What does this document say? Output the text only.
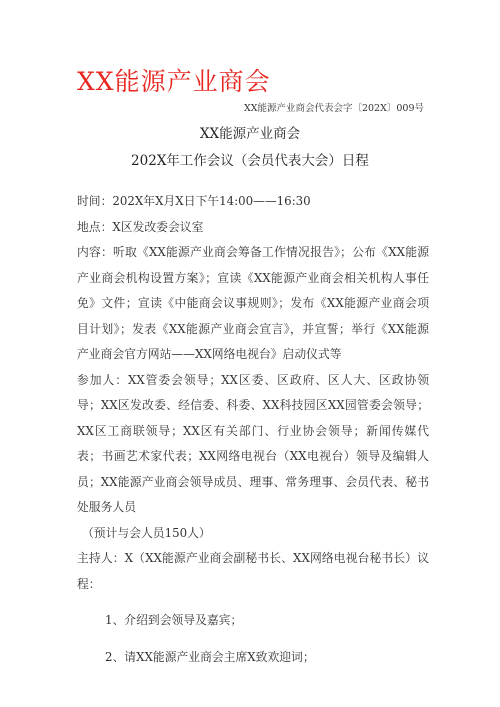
XX能源产业商会
XX能源产业商会代表会字〔202X〕009号
XX能源产业商会
202X年工作会议（会员代表大会）日程

时间：202X年X月X日下午14:00——16:30

地点：X区发改委会议室

内容：听取《XX能源产业商会筹备工作情况报告》；公布《XX能源产业商会机构设置方案》；宣读《XX能源产业商会相关机构人事任免》文件；宣读《中能商会议事规则》；发布《XX能源产业商会项目计划》；发表《XX能源产业商会宣言》，并宣誓；举行《XX能源产业商会官方网站——XX网络电视台》启动仪式等

参加人：XX管委会领导；XX区委、区政府、区人大、区政协领导；XX区发改委、经信委、科委、XX科技园区XX园管委会领导；XX区工商联领导；XX区有关部门、行业协会领导；新闻传媒代表；书画艺术家代表；XX网络电视台（XX电视台）领导及编辑人员；XX能源产业商会领导成员、理事、常务理事、会员代表、秘书处服务人员

（预计与会人员150人）

主持人：X（XX能源产业商会副秘书长、XX网络电视台秘书长）议程：

1、介绍到会领导及嘉宾；

2、请XX能源产业商会主席X致欢迎词；
